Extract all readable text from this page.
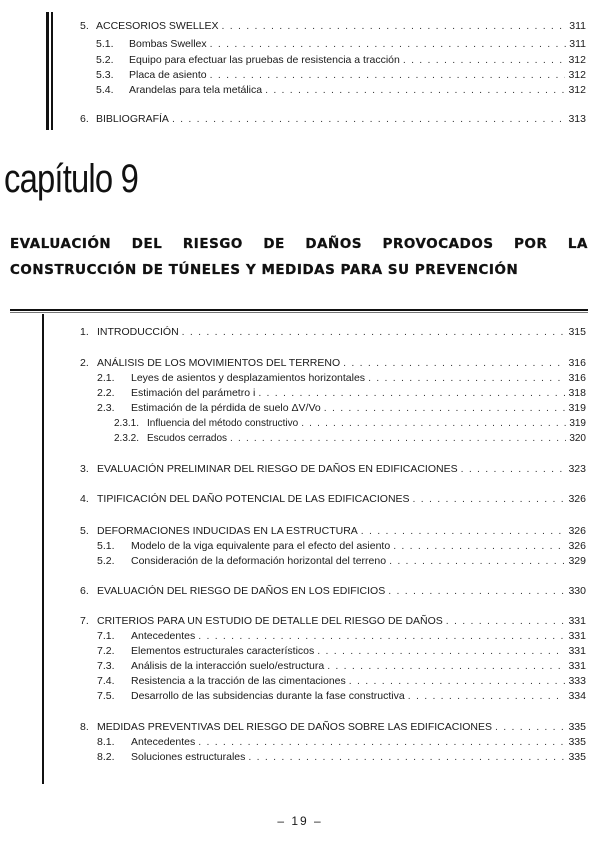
5. ACCESORIOS SWELLEX . . .	311
5.1.	Bombas Swellex . . .	311
5.2.	Equipo para efectuar las pruebas de resistencia a tracción . . .	312
5.3.	Placa de asiento . . .	312
5.4.	Arandelas para tela metálica . . .	312
6. BIBLIOGRAFÍA . . .	313
capítulo 9
EVALUACIÓN DEL RIESGO DE DAÑOS PROVOCADOS POR LA CONSTRUCCIÓN DE TÚNELES Y MEDIDAS PARA SU PREVENCIÓN
1. INTRODUCCIÓN . . .	315
2. ANÁLISIS DE LOS MOVIMIENTOS DEL TERRENO . . .	316
2.1.	Leyes de asientos y desplazamientos horizontales . . .	316
2.2.	Estimación del parámetro i . . .	318
2.3.	Estimación de la pérdida de suelo ΔV/Vo . . .	319
2.3.1. Influencia del método constructivo . . .	319
2.3.2. Escudos cerrados . . .	320
3. EVALUACIÓN PRELIMINAR DEL RIESGO DE DAÑOS EN EDIFICACIONES . . .	323
4. TIPIFICACIÓN DEL DAÑO POTENCIAL DE LAS EDIFICACIONES . . .	326
5. DEFORMACIONES INDUCIDAS EN LA ESTRUCTURA . . .	326
5.1.	Modelo de la viga equivalente para el efecto del asiento . . .	326
5.2.	Consideración de la deformación horizontal del terreno . . .	329
6. EVALUACIÓN DEL RIESGO DE DAÑOS EN LOS EDIFICIOS . . .	330
7. CRITERIOS PARA UN ESTUDIO DE DETALLE DEL RIESGO DE DAÑOS . . .	331
7.1.	Antecedentes . . .	331
7.2.	Elementos estructurales característicos . . .	331
7.3.	Análisis de la interacción suelo/estructura . . .	331
7.4.	Resistencia a la tracción de las cimentaciones . . .	333
7.5.	Desarrollo de las subsidencias durante la fase constructiva . . .	334
8. MEDIDAS PREVENTIVAS DEL RIESGO DE DAÑOS SOBRE LAS EDIFICACIONES . . .	335
8.1.	Antecedentes . . .	335
8.2.	Soluciones estructurales . . .	335
– 19 –
